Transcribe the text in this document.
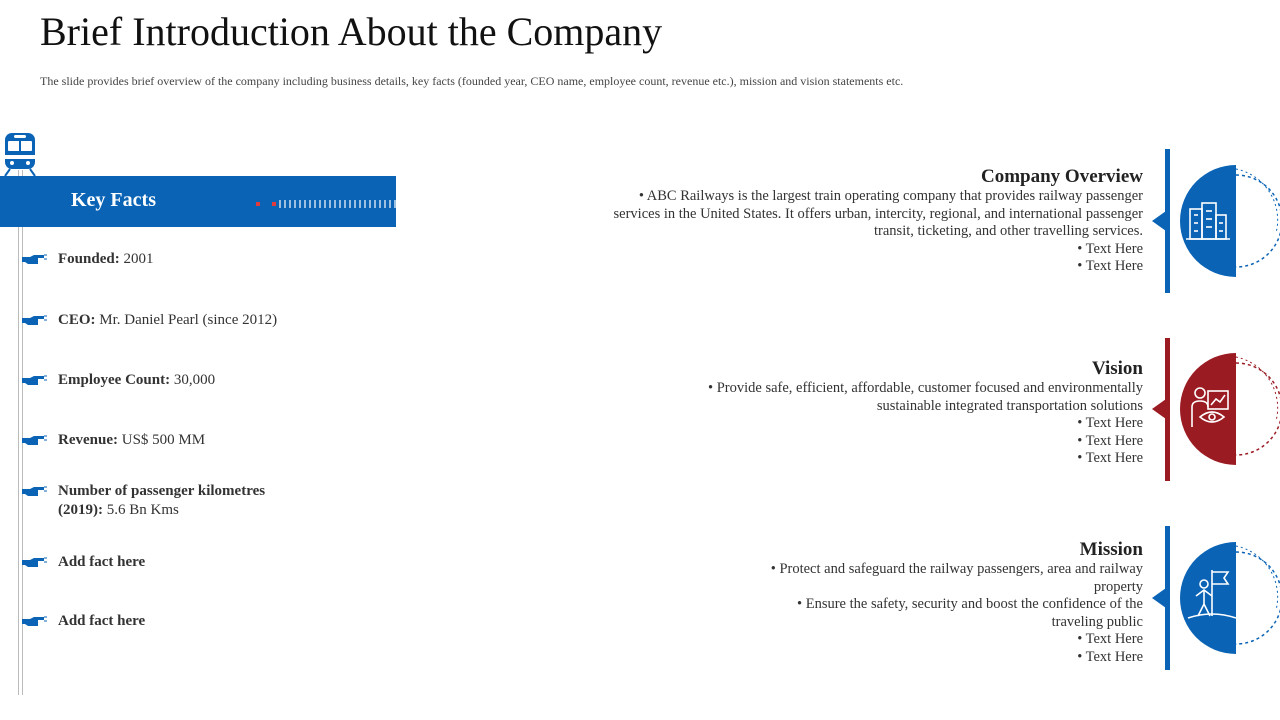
Brief Introduction About the Company
The slide provides brief overview of the company including business details, key facts (founded year, CEO name, employee count, revenue etc.), mission and vision statements etc.
Key Facts
Founded: 2001
CEO: Mr. Daniel Pearl (since 2012)
Employee Count: 30,000
Revenue: US$ 500 MM
Number of passenger kilometres (2019): 5.6 Bn Kms
Add fact here
Add fact here
Company Overview
• ABC Railways is the largest train operating company that provides railway passenger
services in the United States. It offers urban, intercity, regional, and international passenger
transit, ticketing, and other travelling services.
• Text Here
• Text Here
Vision
• Provide safe, efficient, affordable, customer focused and environmentally
sustainable integrated transportation solutions
• Text Here
• Text Here
• Text Here
Mission
• Protect and safeguard the railway passengers, area and railway
property
• Ensure the safety, security and boost the confidence of the
traveling public
• Text Here
• Text Here
